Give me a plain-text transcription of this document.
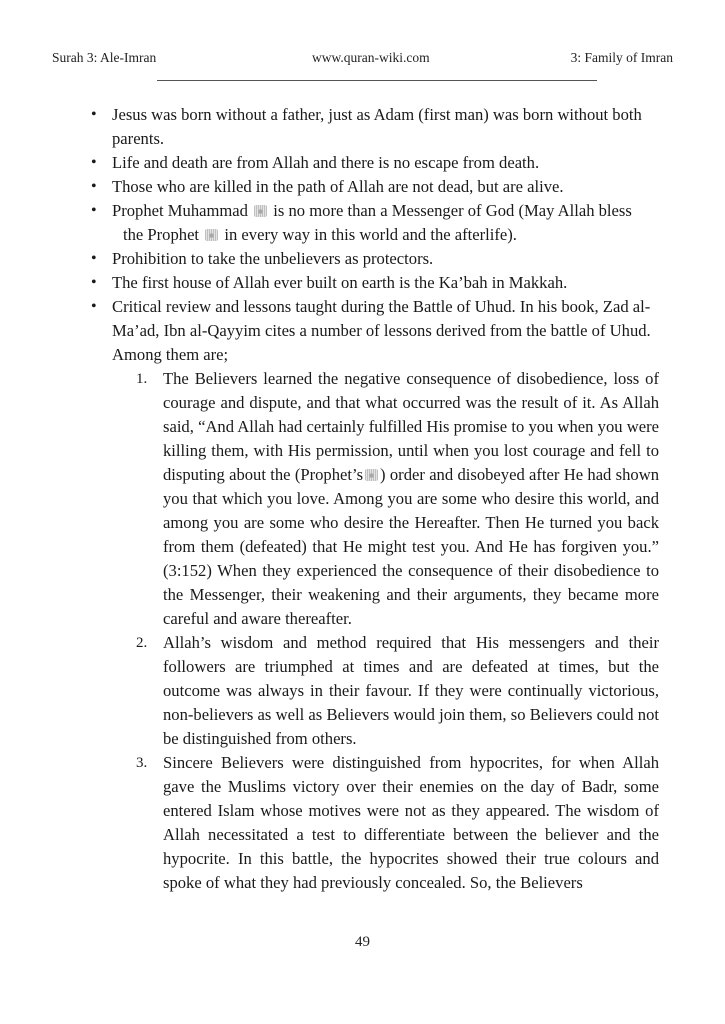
Surah 3: Ale-Imran	www.quran-wiki.com	3: Family of Imran
• Jesus was born without a father, just as Adam (first man) was born without both parents.
• Life and death are from Allah and there is no escape from death.
• Those who are killed in the path of Allah are not dead, but are alive.
• Prophet Muhammad is no more than a Messenger of God (May Allah bless
the Prophet in every way in this world and the afterlife).
• Prohibition to take the unbelievers as protectors.
• The first house of Allah ever built on earth is the Ka’bah in Makkah.
• Critical review and lessons taught during the Battle of Uhud. In his book, Zad al-Ma’ad, Ibn al-Qayyim cites a number of lessons derived from the battle of Uhud. Among them are;
1. The Believers learned the negative consequence of disobedience, loss of courage and dispute, and that what occurred was the result of it. As Allah said, “And Allah had certainly fulfilled His promise to you when you were killing them, with His permission, until when you lost courage and fell to disputing about the (Prophet’s ) order and disobeyed after He had shown you that which you love. Among you are some who desire this world, and among you are some who desire the Hereafter. Then He turned you back from them (defeated) that He might test you. And He has forgiven you.” (3:152) When they experienced the consequence of their disobedience to the Messenger, their weakening and their arguments, they became more careful and aware thereafter.
2. Allah’s wisdom and method required that His messengers and their followers are triumphed at times and are defeated at times, but the outcome was always in their favour. If they were continually victorious, non-believers as well as Believers would join them, so Believers could not be distinguished from others.
3. Sincere Believers were distinguished from hypocrites, for when Allah gave the Muslims victory over their enemies on the day of Badr, some entered Islam whose motives were not as they appeared. The wisdom of Allah necessitated a test to differentiate between the believer and the hypocrite. In this battle, the hypocrites showed their true colours and spoke of what they had previously concealed. So, the Believers
49
